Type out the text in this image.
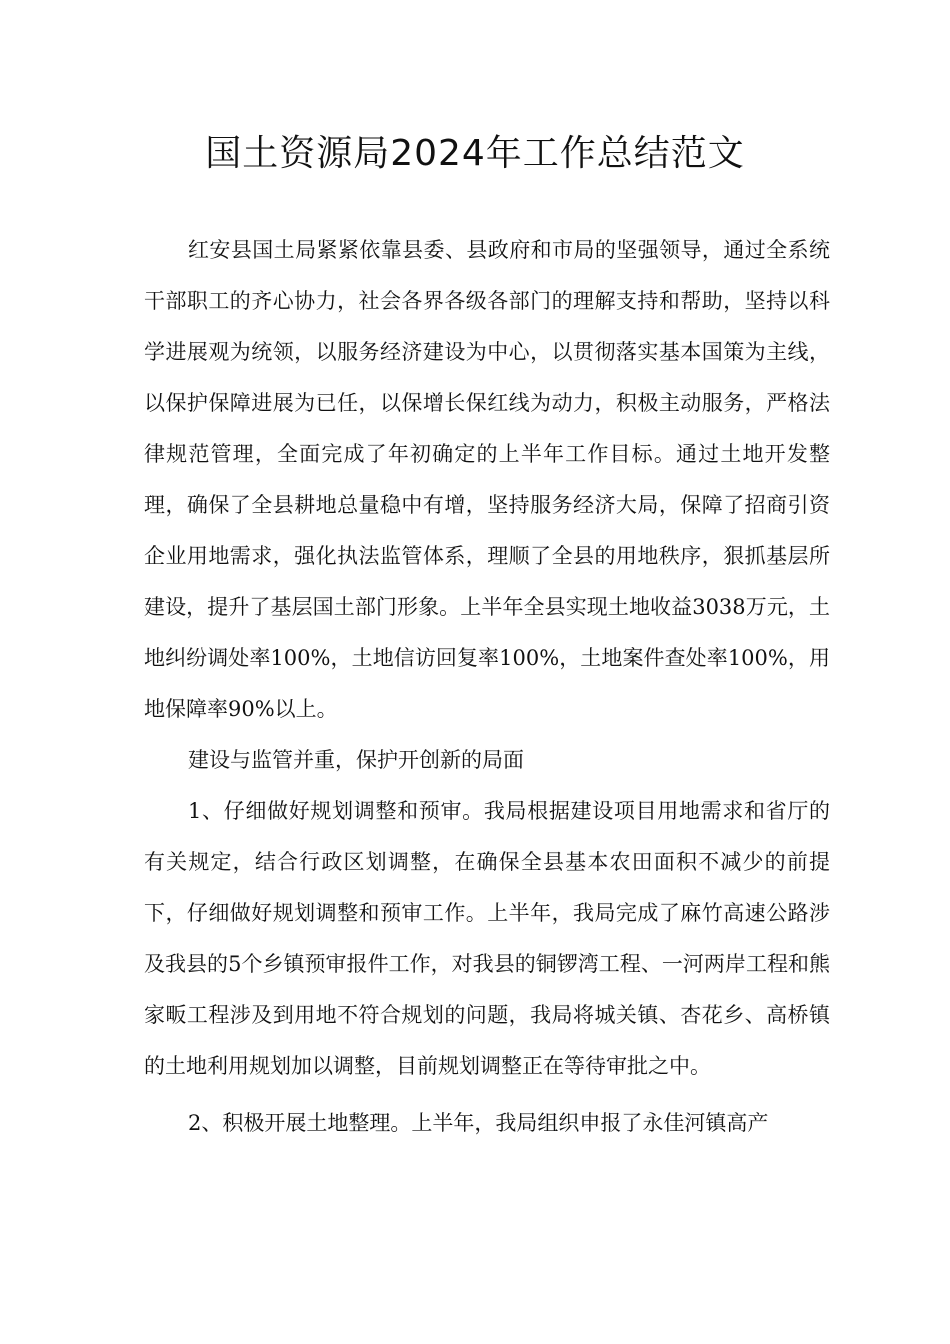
国土资源局2024年工作总结范文

红安县国土局紧紧依靠县委、县政府和市局的坚强领导，通过全系统干部职工的齐心协力，社会各界各级各部门的理解支持和帮助，坚持以科学进展观为统领，以服务经济建设为中心，以贯彻落实基本国策为主线，以保护保障进展为已任，以保增长保红线为动力，积极主动服务，严格法律规范管理，全面完成了年初确定的上半年工作目标。通过土地开发整理，确保了全县耕地总量稳中有增，坚持服务经济大局，保障了招商引资企业用地需求，强化执法监管体系，理顺了全县的用地秩序，狠抓基层所建设，提升了基层国土部门形象。上半年全县实现土地收益3038万元，土地纠纷调处率100%，土地信访回复率100%，土地案件查处率100%，用地保障率90%以上。

建设与监管并重，保护开创新的局面

1、仔细做好规划调整和预审。我局根据建设项目用地需求和省厅的有关规定，结合行政区划调整，在确保全县基本农田面积不减少的前提下，仔细做好规划调整和预审工作。上半年，我局完成了麻竹高速公路涉及我县的5个乡镇预审报件工作，对我县的铜锣湾工程、一河两岸工程和熊家畈工程涉及到用地不符合规划的问题，我局将城关镇、杏花乡、高桥镇的土地利用规划加以调整，目前规划调整正在等待审批之中。

2、积极开展土地整理。上半年，我局组织申报了永佳河镇高产
